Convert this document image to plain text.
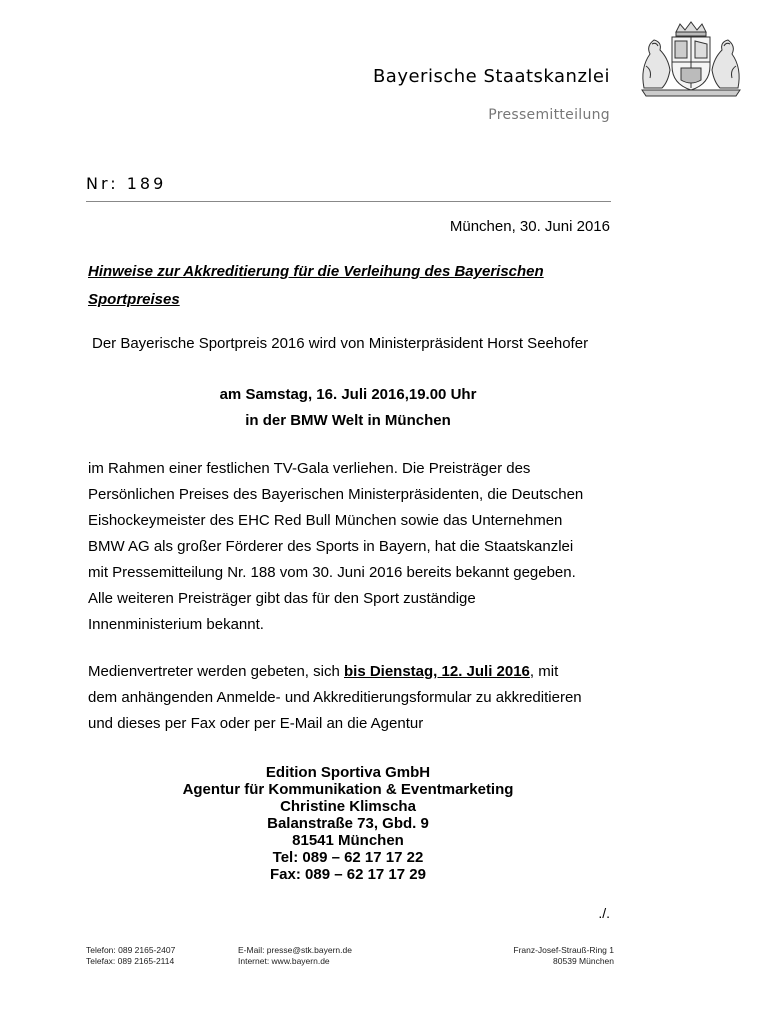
Bayerische Staatskanzlei
Pressemitteilung
Nr: 189
München, 30. Juni 2016
Hinweise zur Akkreditierung für die Verleihung des Bayerischen Sportpreises
Der Bayerische Sportpreis 2016 wird von Ministerpräsident Horst Seehofer
am Samstag, 16. Juli 2016,19.00 Uhr
in der BMW Welt in München
im Rahmen einer festlichen TV-Gala verliehen. Die Preisträger des
Persönlichen Preises des Bayerischen Ministerpräsidenten, die Deutschen
Eishockeymeister des EHC Red Bull München sowie das Unternehmen
BMW AG als großer Förderer des Sports in Bayern, hat die Staatskanzlei
mit Pressemitteilung Nr. 188 vom 30. Juni 2016 bereits bekannt gegeben.
Alle weiteren Preisträger gibt das für den Sport zuständige
Innenministerium bekannt.
Medienvertreter werden gebeten, sich bis Dienstag, 12. Juli 2016, mit
dem anhängenden Anmelde- und Akkreditierungsformular zu akkreditieren
und dieses per Fax oder per E-Mail an die Agentur
Edition Sportiva GmbH
Agentur für Kommunikation & Eventmarketing
Christine Klimscha
Balanstraße 73, Gbd. 9
81541 München
Tel: 089 – 62 17 17 22
Fax: 089 – 62 17 17 29
./.
Telefon: 089 2165-2407
Telefax: 089 2165-2114
E-Mail: presse@stk.bayern.de
Internet: www.bayern.de
Franz-Josef-Strauß-Ring 1
80539 München
